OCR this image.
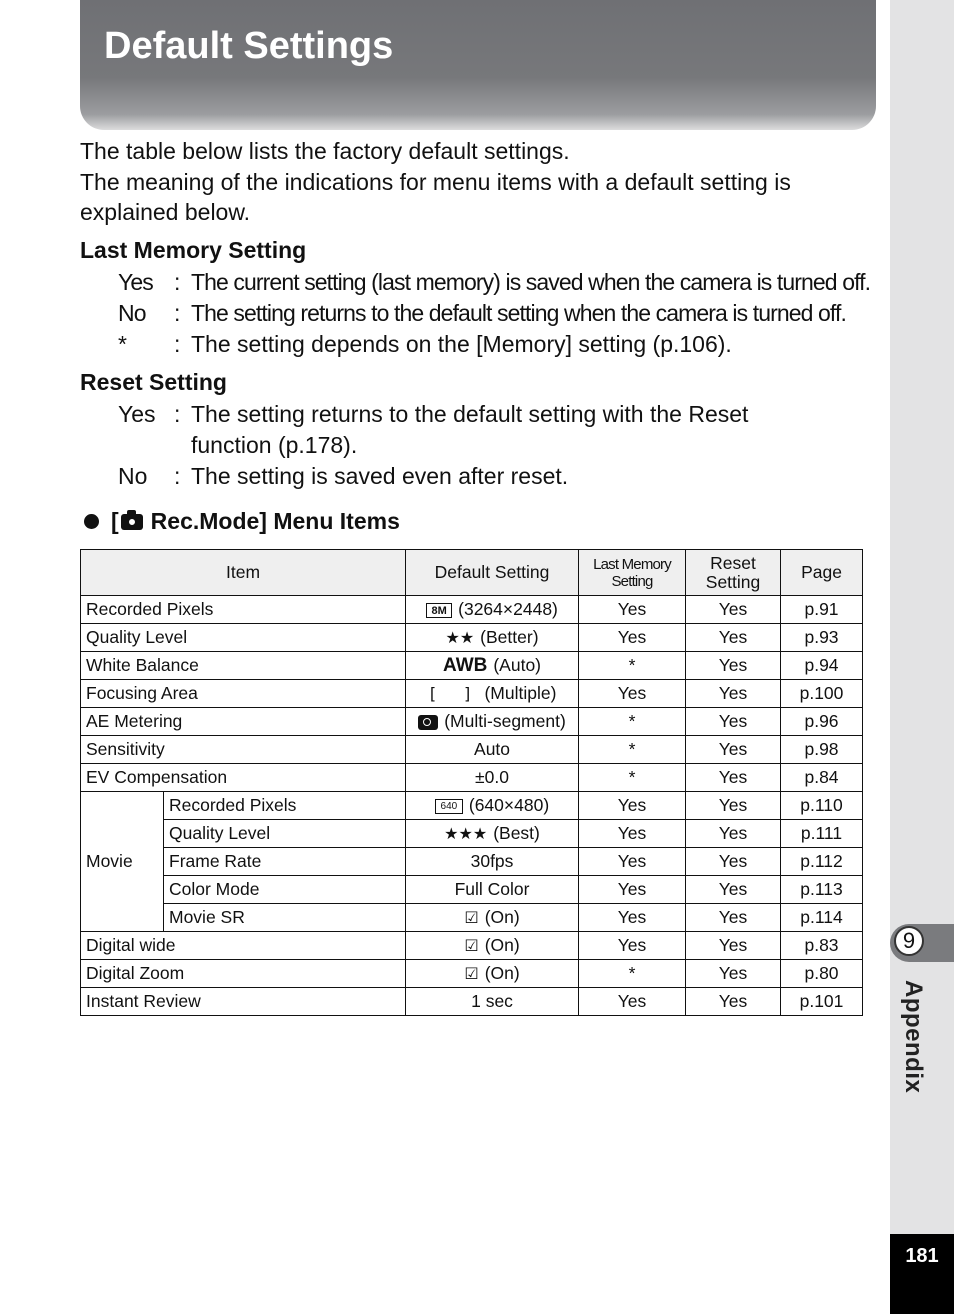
Default Settings
9
Appendix
181

The table below lists the factory default settings.

The meaning of the indications for menu items with a default setting is explained below.

Last Memory Setting
Yes : The current setting (last memory) is saved when the camera is turned off.
No : The setting returns to the default setting when the camera is turned off.
* : The setting depends on the [Memory] setting (p.106).
Reset Setting
Yes : The setting returns to the default setting with the Reset
function (p.178).
No : The setting is saved even after reset.
[ Rec.Mode] Menu Items
Item		Default Setting	Last Memory Setting	Reset Setting	Page
Recorded Pixels		8M (3264×2448)	Yes	Yes	p.91
Quality Level		★★ (Better)	Yes	Yes	p.93
White Balance		AWB (Auto)	*	Yes	p.94
Focusing Area		[ ] (Multiple)	Yes	Yes	p.100
AE Metering		(Multi-segment)	*	Yes	p.96
Sensitivity		Auto	*	Yes	p.98
EV Compensation		±0.0	*	Yes	p.84
Movie	Recorded Pixels	640 (640×480)	Yes	Yes	p.110
	Quality Level	★★★ (Best)	Yes	Yes	p.111
	Frame Rate	30fps	Yes	Yes	p.112
	Color Mode	Full Color	Yes	Yes	p.113
	Movie SR	☑ (On)	Yes	Yes	p.114
Digital wide		☑ (On)	Yes	Yes	p.83
Digital Zoom		☑ (On)	*	Yes	p.80
Instant Review		1 sec	Yes	Yes	p.101
